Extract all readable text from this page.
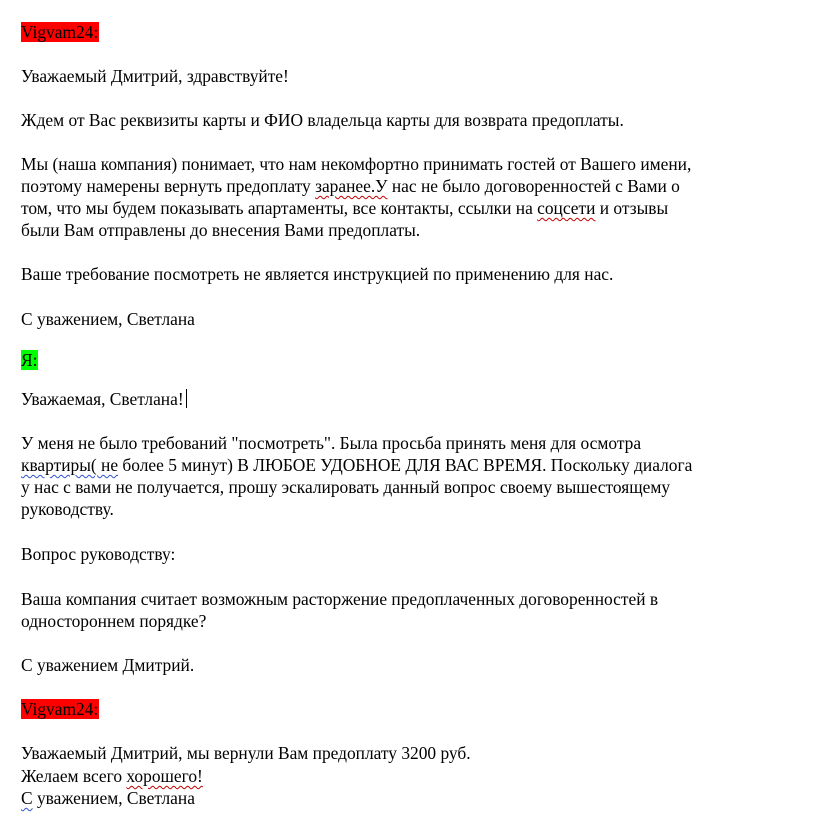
Vigvam24:
Уважаемый Дмитрий, здравствуйте!
Ждем от Вас реквизиты карты и ФИО владельца карты для возврата предоплаты.
Мы (наша компания) понимает, что нам некомфортно принимать гостей от Вашего имени,
поэтому намерены вернуть предоплату заранее.У нас не было договоренностей с Вами о
том, что мы будем показывать апартаменты, все контакты, ссылки на соцсети и отзывы
были Вам отправлены до внесения Вами предоплаты.
Ваше требование посмотреть не является инструкцией по применению для нас.
С уважением, Светлана
Я:
Уважаемая, Светлана!
У меня не было требований "посмотреть". Была просьба принять меня для осмотра
квартиры( не более 5 минут) В ЛЮБОЕ УДОБНОЕ ДЛЯ ВАС ВРЕМЯ. Поскольку диалога
у нас с вами не получается, прошу эскалировать данный вопрос своему вышестоящему
руководству.
Вопрос руководству:
Ваша компания считает возможным расторжение предоплаченных договоренностей в
одностороннем порядке?
С уважением Дмитрий.
Vigvam24:
Уважаемый Дмитрий, мы вернули Вам предоплату 3200 руб.
Желаем всего хорошего!
С уважением, Светлана
